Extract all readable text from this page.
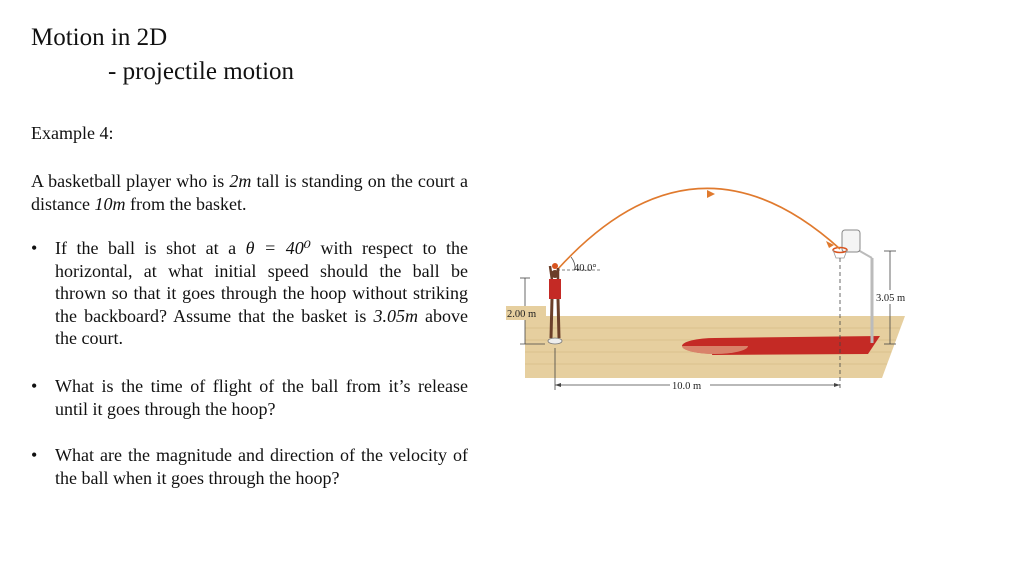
Motion in 2D
- projectile motion
Example 4:
A basketball player who is 2m tall is standing on the court a distance 10m from the basket.
• If the ball is shot at a θ = 40⁰ with respect to the horizontal, at what initial speed should the ball be thrown so that it goes through the hoop without striking the backboard? Assume that the basket is 3.05m above the court.
• What is the time of flight of the ball from it’s release until it goes through the hoop?
• What are the magnitude and direction of the velocity of the ball when it goes through the hoop?
40.0°
2.00 m
3.05 m
10.0 m
